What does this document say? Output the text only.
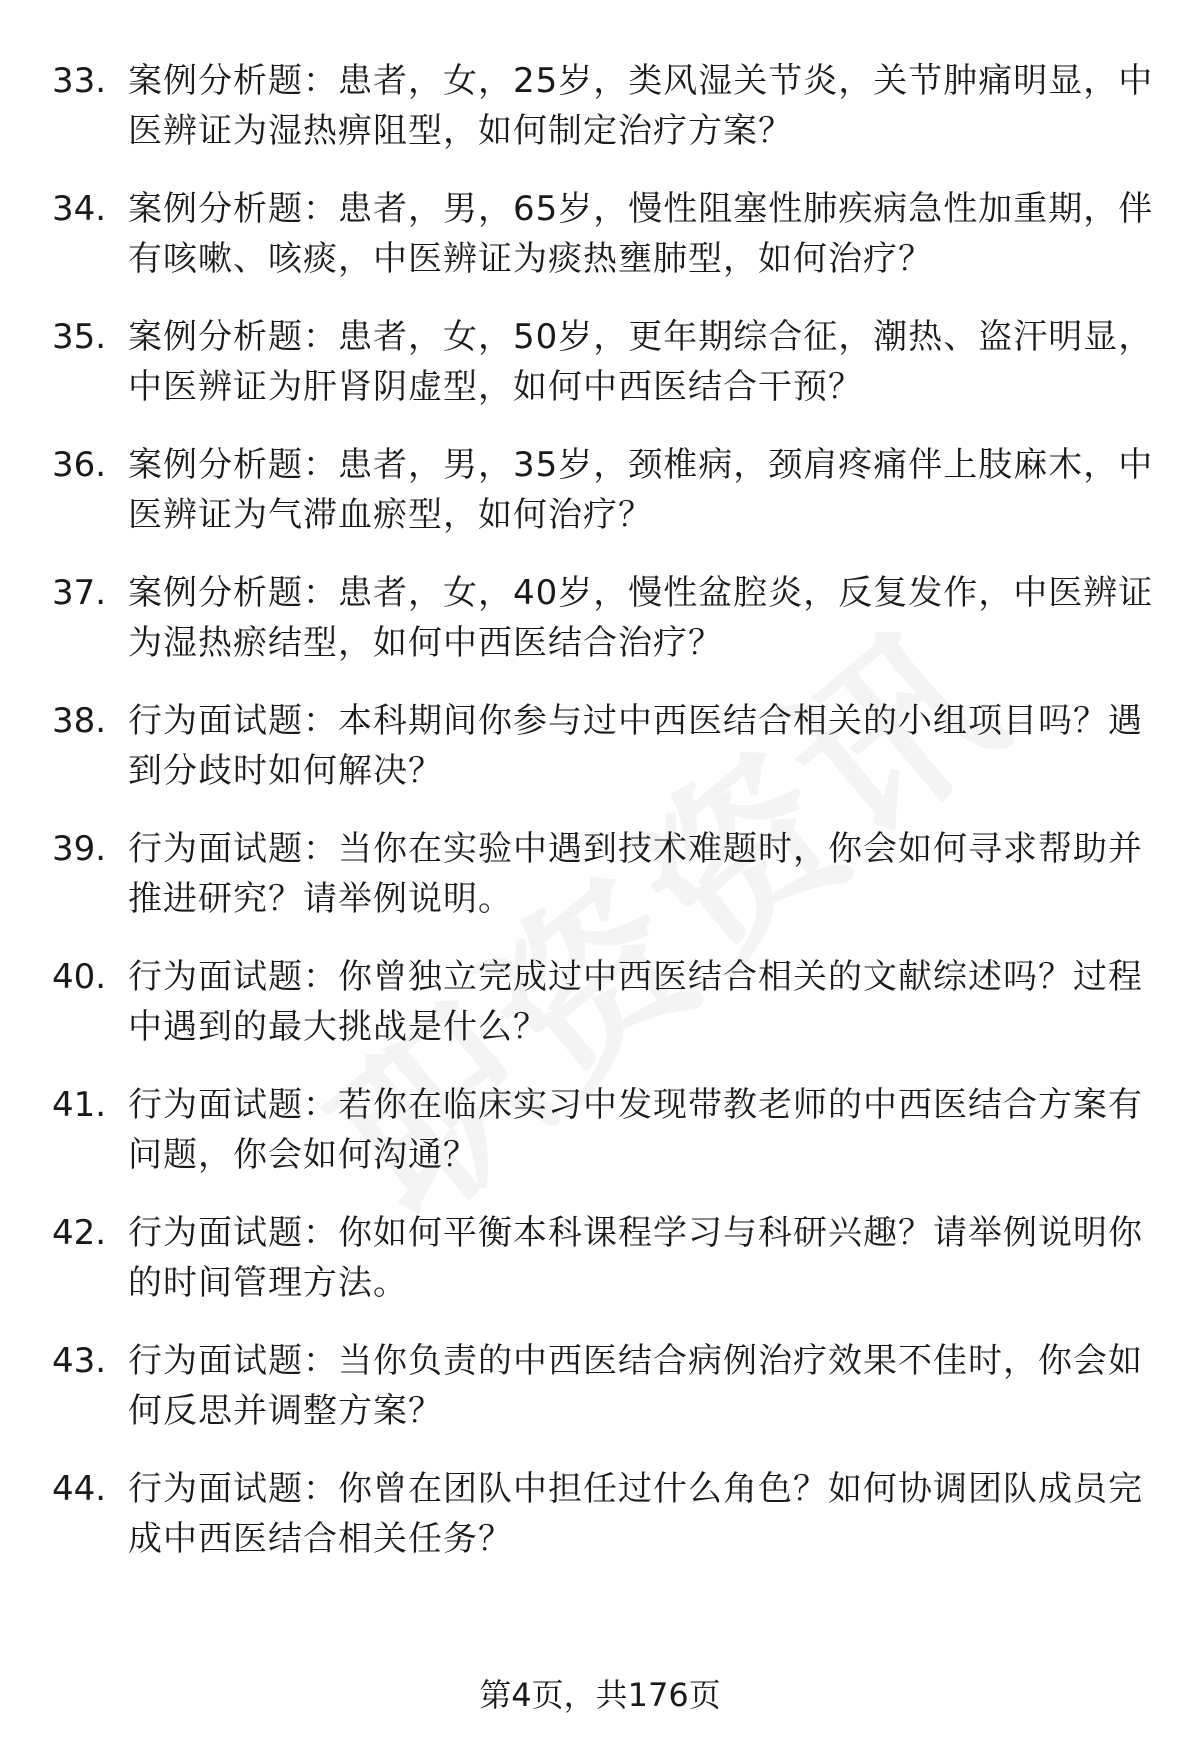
33. 案例分析题：患者，女，25岁，类风湿关节炎，关节肿痛明显，中医辨证为湿热痹阻型，如何制定治疗方案？
34. 案例分析题：患者，男，65岁，慢性阻塞性肺疾病急性加重期，伴有咳嗽、咳痰，中医辨证为痰热壅肺型，如何治疗？
35. 案例分析题：患者，女，50岁，更年期综合征，潮热、盗汗明显，中医辨证为肝肾阴虚型，如何中西医结合干预？
36. 案例分析题：患者，男，35岁，颈椎病，颈肩疼痛伴上肢麻木，中医辨证为气滞血瘀型，如何治疗？
37. 案例分析题：患者，女，40岁，慢性盆腔炎，反复发作，中医辨证为湿热瘀结型，如何中西医结合治疗？
38. 行为面试题：本科期间你参与过中西医结合相关的小组项目吗？遇到分歧时如何解决？
39. 行为面试题：当你在实验中遇到技术难题时，你会如何寻求帮助并推进研究？请举例说明。
40. 行为面试题：你曾独立完成过中西医结合相关的文献综述吗？过程中遇到的最大挑战是什么？
41. 行为面试题：若你在临床实习中发现带教老师的中西医结合方案有问题，你会如何沟通？
42. 行为面试题：你如何平衡本科课程学习与科研兴趣？请举例说明你的时间管理方法。
43. 行为面试题：当你负责的中西医结合病例治疗效果不佳时，你会如何反思并调整方案？
44. 行为面试题：你曾在团队中担任过什么角色？如何协调团队成员完成中西医结合相关任务？
第4页，共176页
